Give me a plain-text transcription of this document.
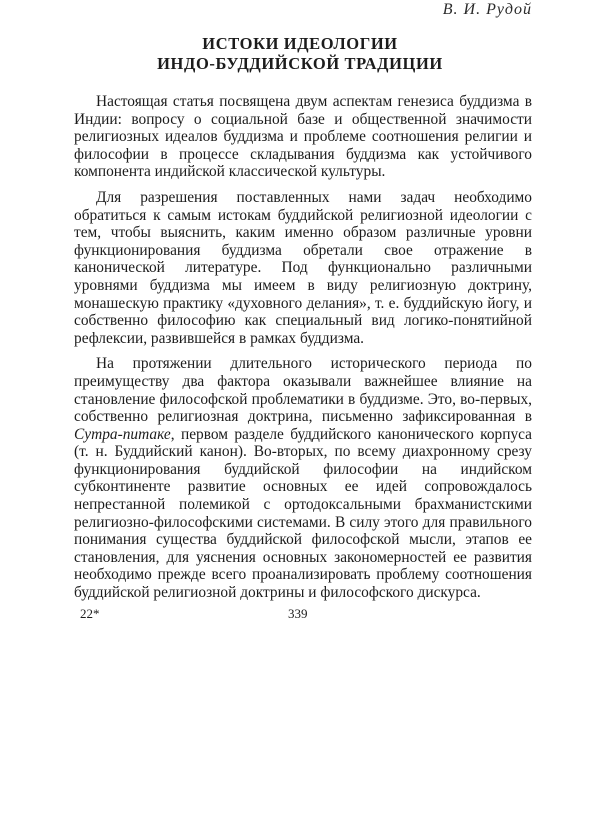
В. И. Рудой

ИСТОКИ ИДЕОЛОГИИ
ИНДО-БУДДИЙСКОЙ ТРАДИЦИИ

Настоящая статья посвящена двум аспектам генезиса буддизма в Индии: вопросу о социальной базе и общественной значимости религиозных идеалов буддизма и проблеме соотношения религии и философии в процессе складывания буддизма как устойчивого компонента индийской классической культуры.

Для разрешения поставленных нами задач необходимо обратиться к самым истокам буддийской религиозной идеологии с тем, чтобы выяснить, каким именно образом различные уровни функционирования буддизма обретали свое отражение в канонической литературе. Под функционально различными уровнями буддизма мы имеем в виду религиозную доктрину, монашескую практику «духовного делания», т. е. буддийскую йогу, и собственно философию как специальный вид логико-понятийной рефлексии, развившейся в рамках буддизма.

На протяжении длительного исторического периода по преимуществу два фактора оказывали важнейшее влияние на становление философской проблематики в буддизме. Это, во-первых, собственно религиозная доктрина, письменно зафиксированная в Сутра-питаке, первом разделе буддийского канонического корпуса (т. н. Буддийский канон). Во-вторых, по всему диахронному срезу функционирования буддийской философии на индийском субконтиненте развитие основных ее идей сопровождалось непрестанной полемикой с ортодоксальными брахманистскими религиозно-философскими системами. В силу этого для правильного понимания существа буддийской философской мысли, этапов ее становления, для уяснения основных закономерностей ее развития необходимо прежде всего проанализировать проблему соотношения буддийской религиозной доктрины и философского дискурса.

22*	339
